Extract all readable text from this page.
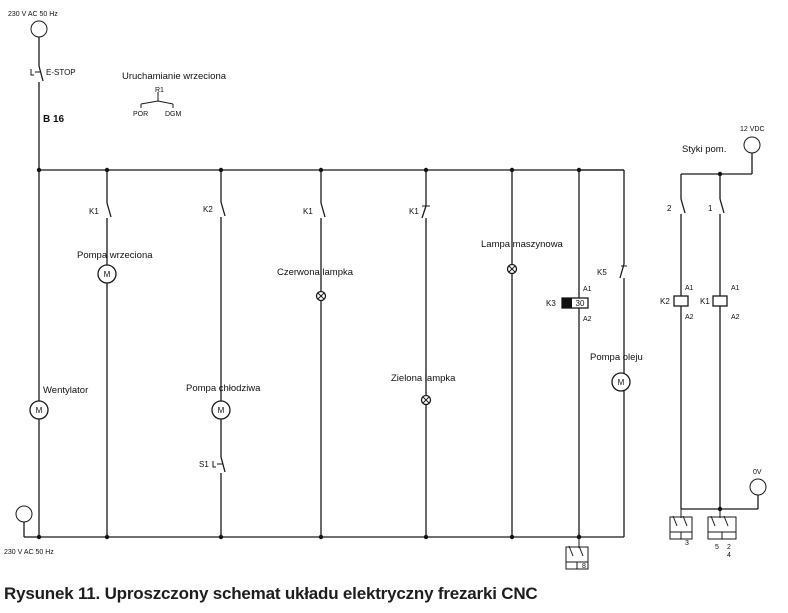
230 V AC 50 Hz
E-STOP
B 16
Uruchamianie wrzeciona
R1
POR DGM
230 V AC 50 Hz
M
Wentylator
K1
M
Pompa wrzeciona
K2
M
Pompa chłodziwa
S1
K1
Czerwona lampka
K1
Zielona lampka
Lampa maszynowa
30
K3
A1
A2
8
K5
M
Pompa oleju
12 VDC
Styki pom.
2
K2
A1
A2
1
K1
A1
A2
0V
3
5 2
4
Rysunek 11. Uproszczony schemat układu elektryczny frezarki CNC
